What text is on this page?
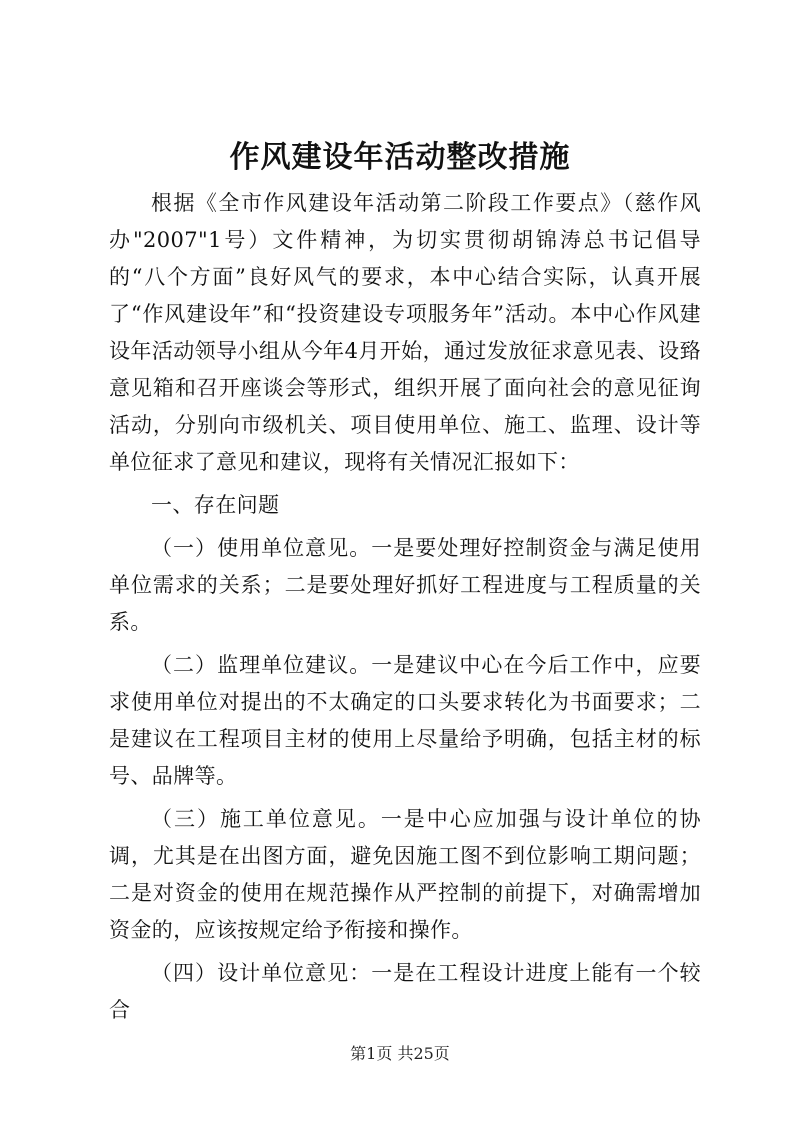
作风建设年活动整改措施

根据《全市作风建设年活动第二阶段工作要点》（慈作风办"2007"1号）文件精神，为切实贯彻胡锦涛总书记倡导的“八个方面”良好风气的要求，本中心结合实际，认真开展了“作风建设年”和“投资建设专项服务年”活动。本中心作风建设年活动领导小组从今年4月开始，通过发放征求意见表、设臵意见箱和召开座谈会等形式，组织开展了面向社会的意见征询活动，分别向市级机关、项目使用单位、施工、监理、设计等单位征求了意见和建议，现将有关情况汇报如下：

一、存在问题

（一）使用单位意见。一是要处理好控制资金与满足使用单位需求的关系；二是要处理好抓好工程进度与工程质量的关系。

（二）监理单位建议。一是建议中心在今后工作中，应要求使用单位对提出的不太确定的口头要求转化为书面要求；二是建议在工程项目主材的使用上尽量给予明确，包括主材的标号、品牌等。

（三）施工单位意见。一是中心应加强与设计单位的协调，尤其是在出图方面，避免因施工图不到位影响工期问题；二是对资金的使用在规范操作从严控制的前提下，对确需增加资金的，应该按规定给予衔接和操作。

（四）设计单位意见：一是在工程设计进度上能有一个较合

第1页 共25页
